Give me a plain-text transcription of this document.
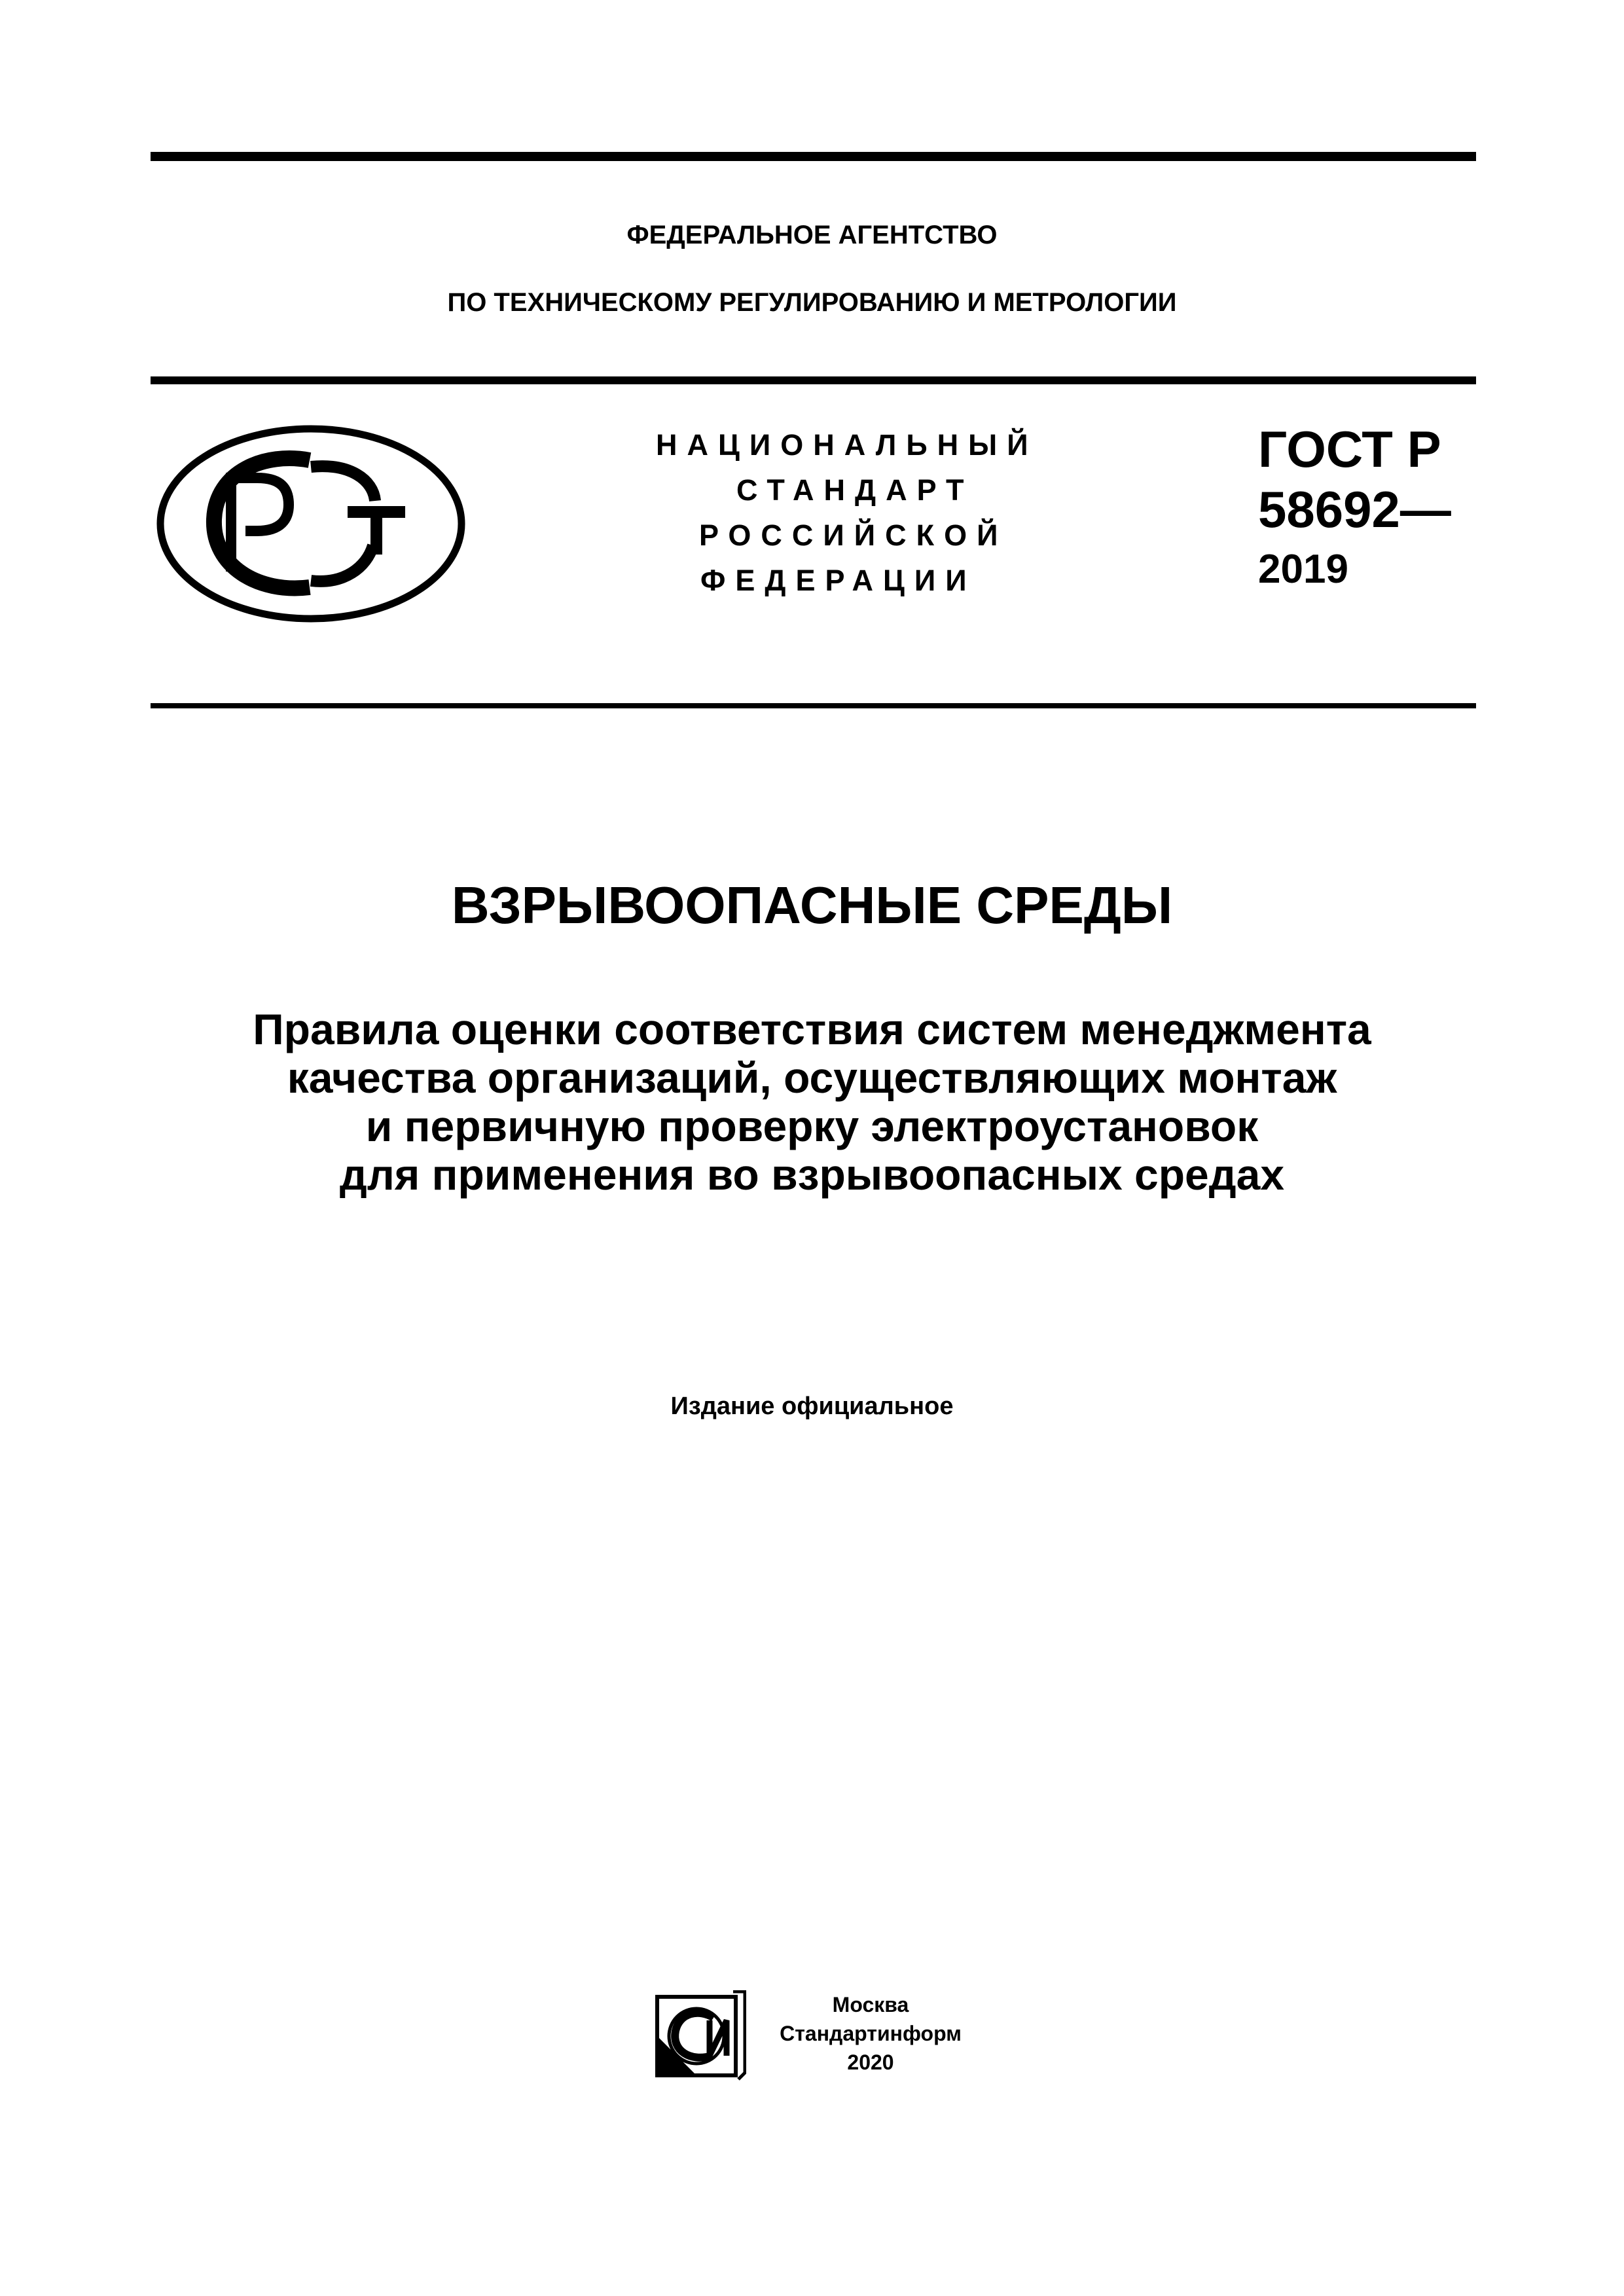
ФЕДЕРАЛЬНОЕ АГЕНТСТВО
ПО ТЕХНИЧЕСКОМУ РЕГУЛИРОВАНИЮ И МЕТРОЛОГИИ
РСТ
НАЦИОНАЛЬНЫЙ
СТАНДАРТ
РОССИЙСКОЙ
ФЕДЕРАЦИИ
ГОСТ Р
58692—
2019
ВЗРЫВООПАСНЫЕ СРЕДЫ
Правила оценки соответствия систем менеджмента
качества организаций, осуществляющих монтаж
и первичную проверку электроустановок
для применения во взрывоопасных средах
Издание официальное
СИ
Москва
Стандартинформ
2020
